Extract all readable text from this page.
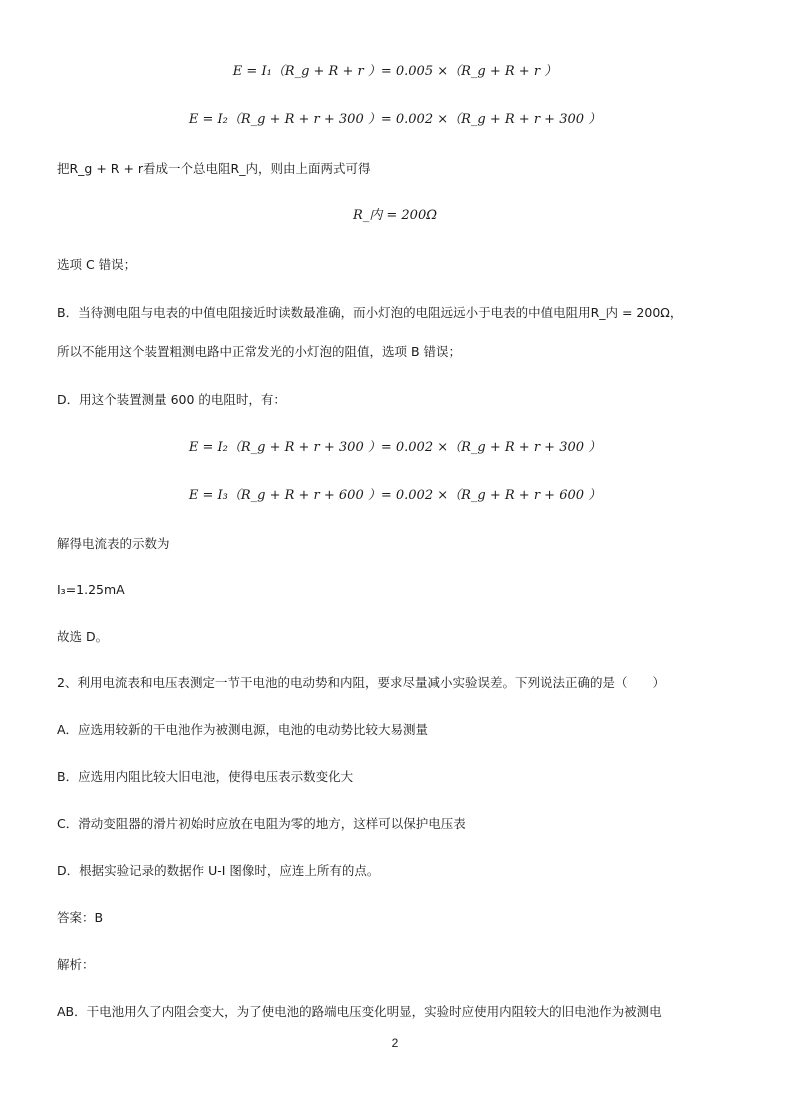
E = I₁（R_g + R + r ）= 0.005 ×（R_g + R + r ）
E = I₂（R_g + R + r + 300 ）= 0.002 ×（R_g + R + r + 300 ）
把R_g + R + r看成一个总电阻R_内，则由上面两式可得
R_内 = 200Ω
选项 C 错误；
B．当待测电阻与电表的中值电阻接近时读数最准确，而小灯泡的电阻远远小于电表的中值电阻用R_内 = 200Ω，
所以不能用这个装置粗测电路中正常发光的小灯泡的阻值，选项 B 错误；
D．用这个装置测量 600 的电阻时，有：
E = I₂（R_g + R + r + 300 ）= 0.002 ×（R_g + R + r + 300 ）
E = I₃（R_g + R + r + 600 ）= 0.002 ×（R_g + R + r + 600 ）
解得电流表的示数为
I₃=1.25mA
故选 D。
2、利用电流表和电压表测定一节干电池的电动势和内阻，要求尽量减小实验误差。下列说法正确的是（　　）
A．应选用较新的干电池作为被测电源，电池的电动势比较大易测量
B．应选用内阻比较大旧电池，使得电压表示数变化大
C．滑动变阻器的滑片初始时应放在电阻为零的地方，这样可以保护电压表
D．根据实验记录的数据作 U-I 图像时，应连上所有的点。
答案：B
解析：
AB．干电池用久了内阻会变大，为了使电池的路端电压变化明显，实验时应使用内阻较大的旧电池作为被测电
2
